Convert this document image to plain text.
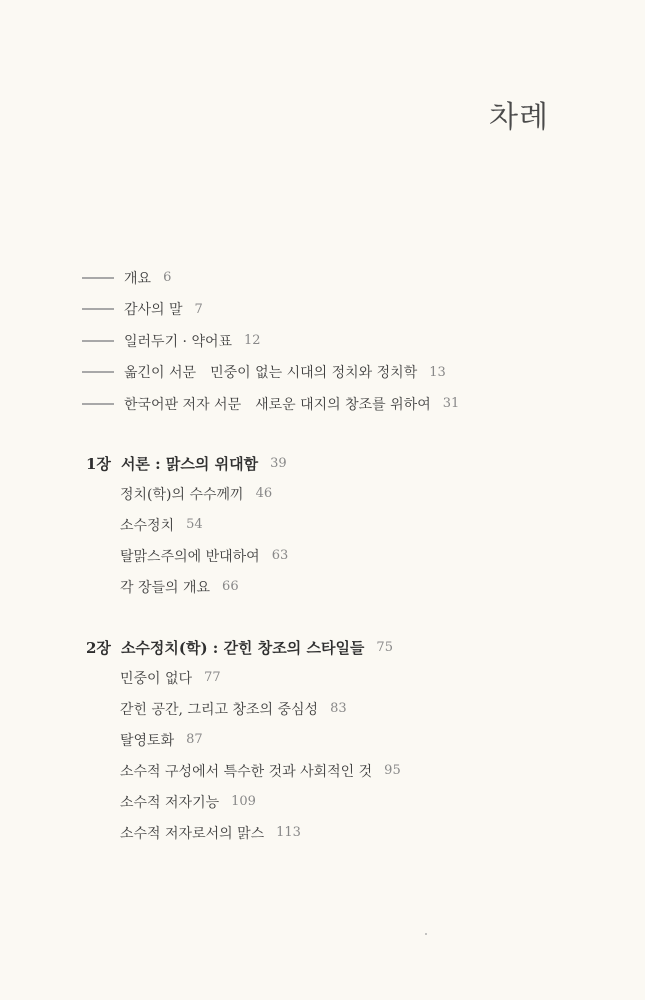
차례
개요 6
감사의 말 7
일러두기 · 약어표 12
옮긴이 서문 민중이 없는 시대의 정치와 정치학 13
한국어판 저자 서문 새로운 대지의 창조를 위하여 31
1장 서론 : 맑스의 위대함 39
정치(학)의 수수께끼 46
소수정치 54
탈맑스주의에 반대하여 63
각 장들의 개요 66
2장 소수정치(학) : 갇힌 창조의 스타일들 75
민중이 없다 77
갇힌 공간, 그리고 창조의 중심성 83
탈영토화 87
소수적 구성에서 특수한 것과 사회적인 것 95
소수적 저자기능 109
소수적 저자로서의 맑스 113
